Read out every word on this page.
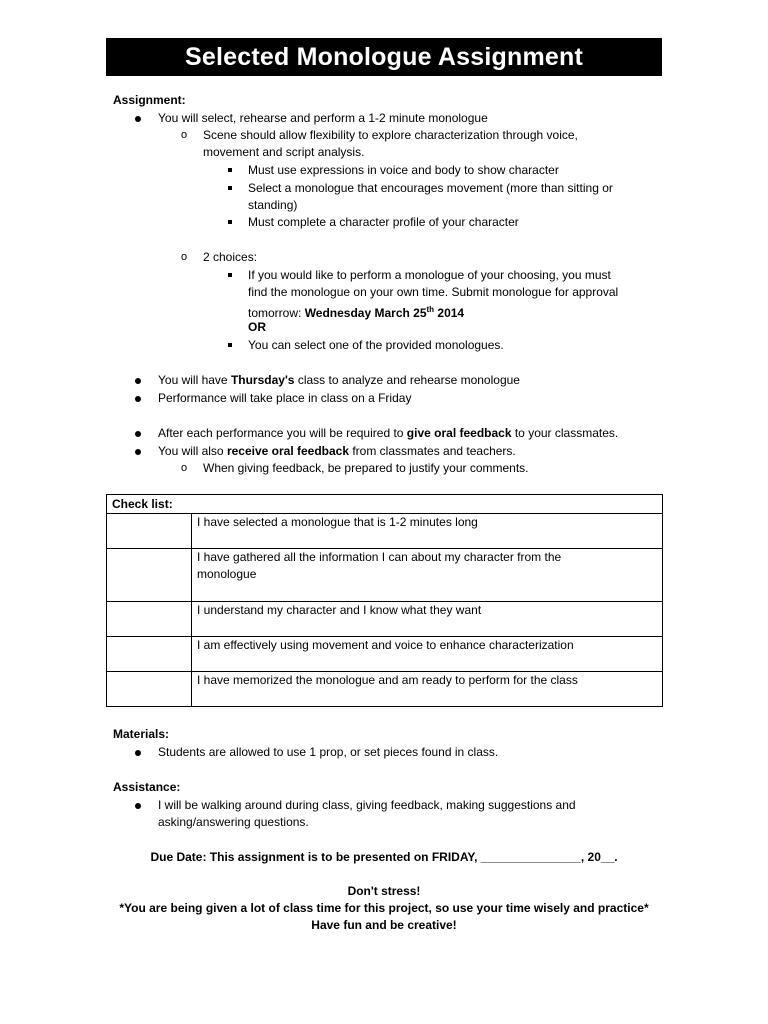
Selected Monologue Assignment
Assignment:
You will select, rehearse and perform a 1-2 minute monologue
o Scene should allow flexibility to explore characterization through voice,
movement and script analysis.
Must use expressions in voice and body to show character
Select a monologue that encourages movement (more than sitting or
standing)
Must complete a character profile of your character
o 2 choices:
If you would like to perform a monologue of your choosing, you must
find the monologue on your own time. Submit monologue for approval
tomorrow: Wednesday March 25th 2014
OR
You can select one of the provided monologues.
You will have Thursday's class to analyze and rehearse monologue
Performance will take place in class on a Friday
After each performance you will be required to give oral feedback to your classmates.
You will also receive oral feedback from classmates and teachers.
o When giving feedback, be prepared to justify your comments.
Check list:	
	I have selected a monologue that is 1-2 minutes long
	I have gathered all the information I can about my character from the
monologue
	I understand my character and I know what they want
	I am effectively using movement and voice to enhance characterization
	I have memorized the monologue and am ready to perform for the class
Materials:
Students are allowed to use 1 prop, or set pieces found in class.
Assistance:
I will be walking around during class, giving feedback, making suggestions and
asking/answering questions.
Due Date: This assignment is to be presented on FRIDAY, _______________, 20__.
Don't stress!
*You are being given a lot of class time for this project, so use your time wisely and practice*
Have fun and be creative!
